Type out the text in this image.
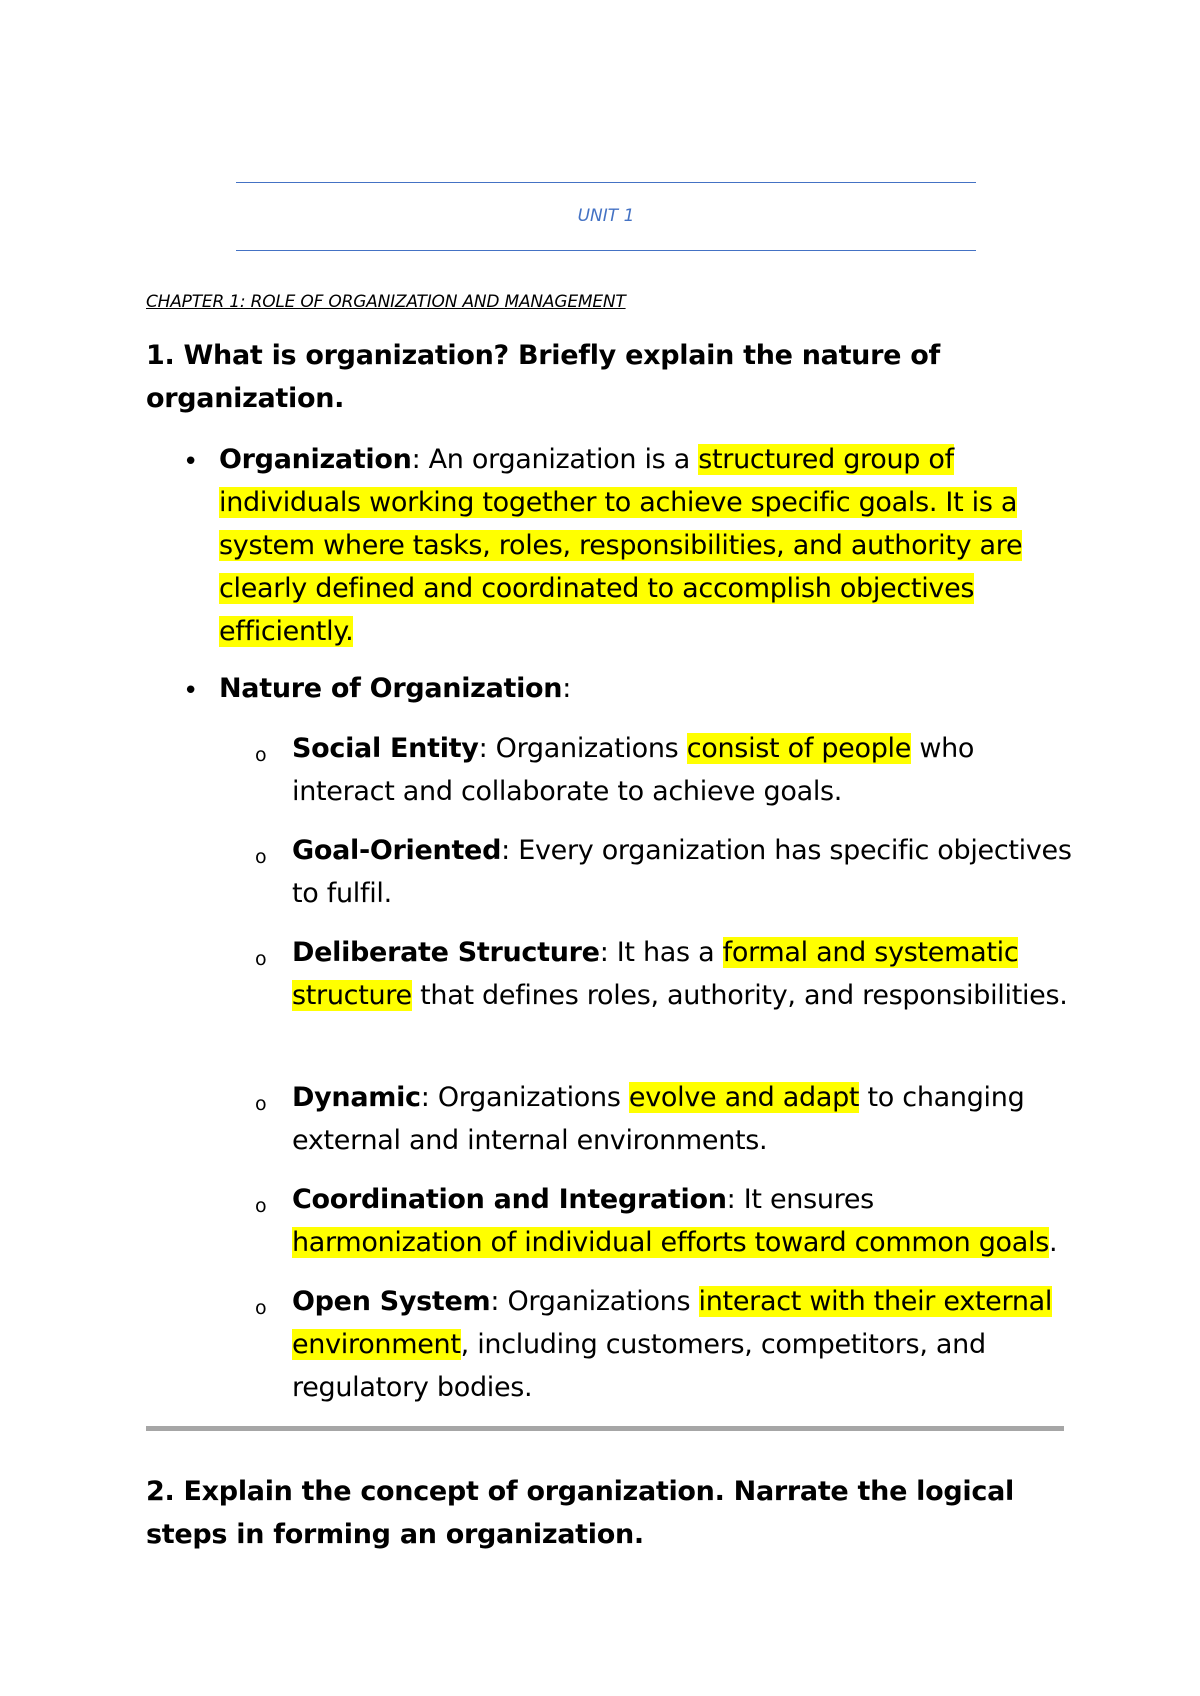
UNIT 1
CHAPTER 1: ROLE OF ORGANIZATION AND MANAGEMENT
1. What is organization? Briefly explain the nature of organization.
• Organization: An organization is a structured group of individuals working together to achieve specific goals. It is a system where tasks, roles, responsibilities, and authority are clearly defined and coordinated to accomplish objectives efficiently.
• Nature of Organization:
o Social Entity: Organizations consist of people who interact and collaborate to achieve goals.
o Goal-Oriented: Every organization has specific objectives to fulfil.
o Deliberate Structure: It has a formal and systematic structure that defines roles, authority, and responsibilities.
o Dynamic: Organizations evolve and adapt to changing external and internal environments.
o Coordination and Integration: It ensures harmonization of individual efforts toward common goals.
o Open System: Organizations interact with their external environment, including customers, competitors, and regulatory bodies.
2. Explain the concept of organization. Narrate the logical steps in forming an organization.
